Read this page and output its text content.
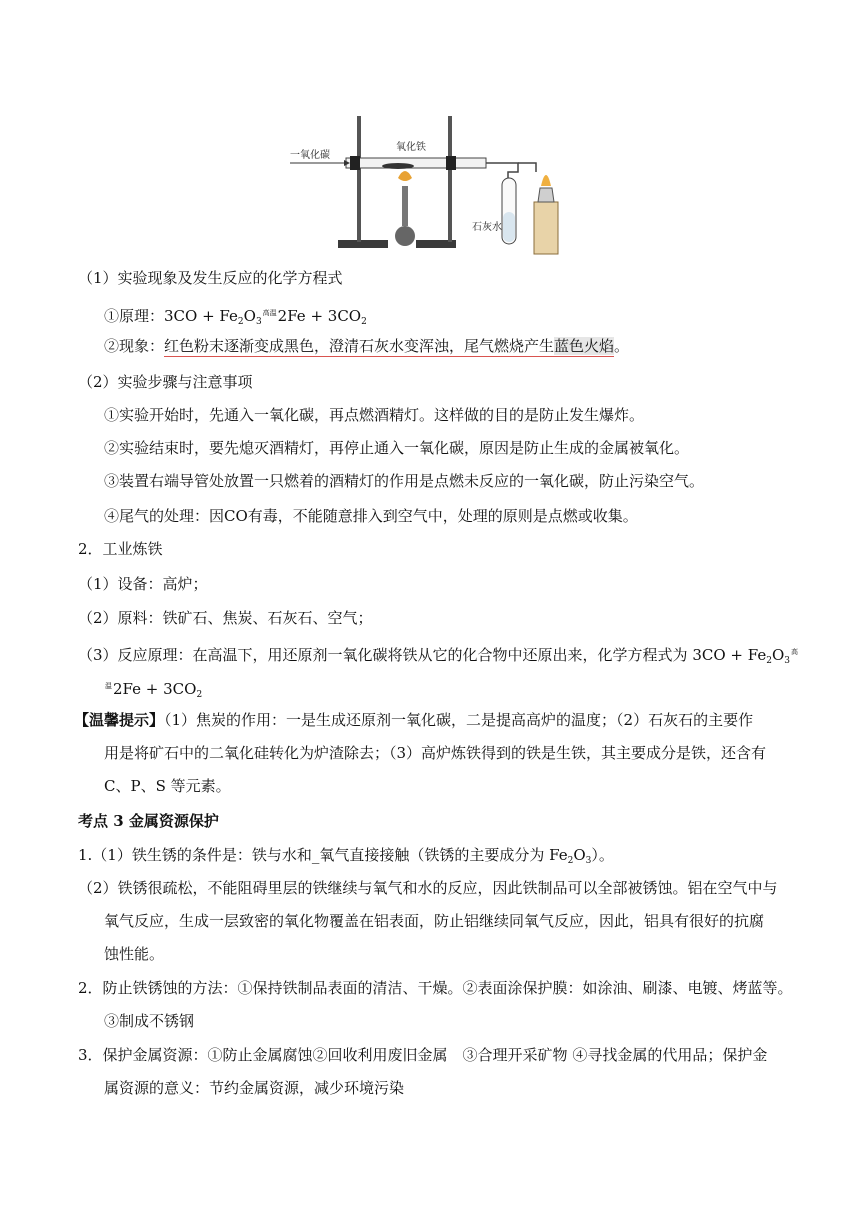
一氧化碳
氧化铁
石灰水
（1）实验现象及发生反应的化学方程式
①原理：$3CO + Fe_2O_3^{高温}2Fe + 3CO_2$
②现象：红色粉末逐渐变成黑色，澄清石灰水变浑浊，尾气燃烧产生蓝色火焰。
（2）实验步骤与注意事项
①实验开始时，先通入一氧化碳，再点燃酒精灯。这样做的目的是防止发生爆炸。
②实验结束时，要先熄灭酒精灯，再停止通入一氧化碳，原因是防止生成的金属被氧化。
③装置右端导管处放置一只燃着的酒精灯的作用是点燃未反应的一氧化碳，防止污染空气。
④尾气的处理：因CO有毒，不能随意排入到空气中，处理的原则是点燃或收集。
2．工业炼铁
（1）设备：高炉；
（2）原料：铁矿石、焦炭、石灰石、空气；
（3）反应原理：在高温下，用还原剂一氧化碳将铁从它的化合物中还原出来，化学方程式为 $3CO + Fe_2O_3^高$
$^温2Fe + 3CO_2$
【温馨提示】（1）焦炭的作用：一是生成还原剂一氧化碳，二是提高高炉的温度；（2）石灰石的主要作
用是将矿石中的二氧化硅转化为炉渣除去；（3）高炉炼铁得到的铁是生铁，其主要成分是铁，还含有
C、P、S 等元素。
考点 3 金属资源保护
1.（1）铁生锈的条件是：铁与水和_氧气直接接触（铁锈的主要成分为 $Fe_2O_3$）。
（2）铁锈很疏松，不能阻碍里层的铁继续与氧气和水的反应，因此铁制品可以全部被锈蚀。铝在空气中与
氧气反应，生成一层致密的氧化物覆盖在铝表面，防止铝继续同氧气反应，因此，铝具有很好的抗腐
蚀性能。
2．防止铁锈蚀的方法：①保持铁制品表面的清洁、干燥。②表面涂保护膜：如涂油、刷漆、电镀、烤蓝等。
③制成不锈钢
3．保护金属资源：①防止金属腐蚀②回收利用废旧金属　③合理开采矿物 ④寻找金属的代用品；保护金
属资源的意义：节约金属资源，减少环境污染
